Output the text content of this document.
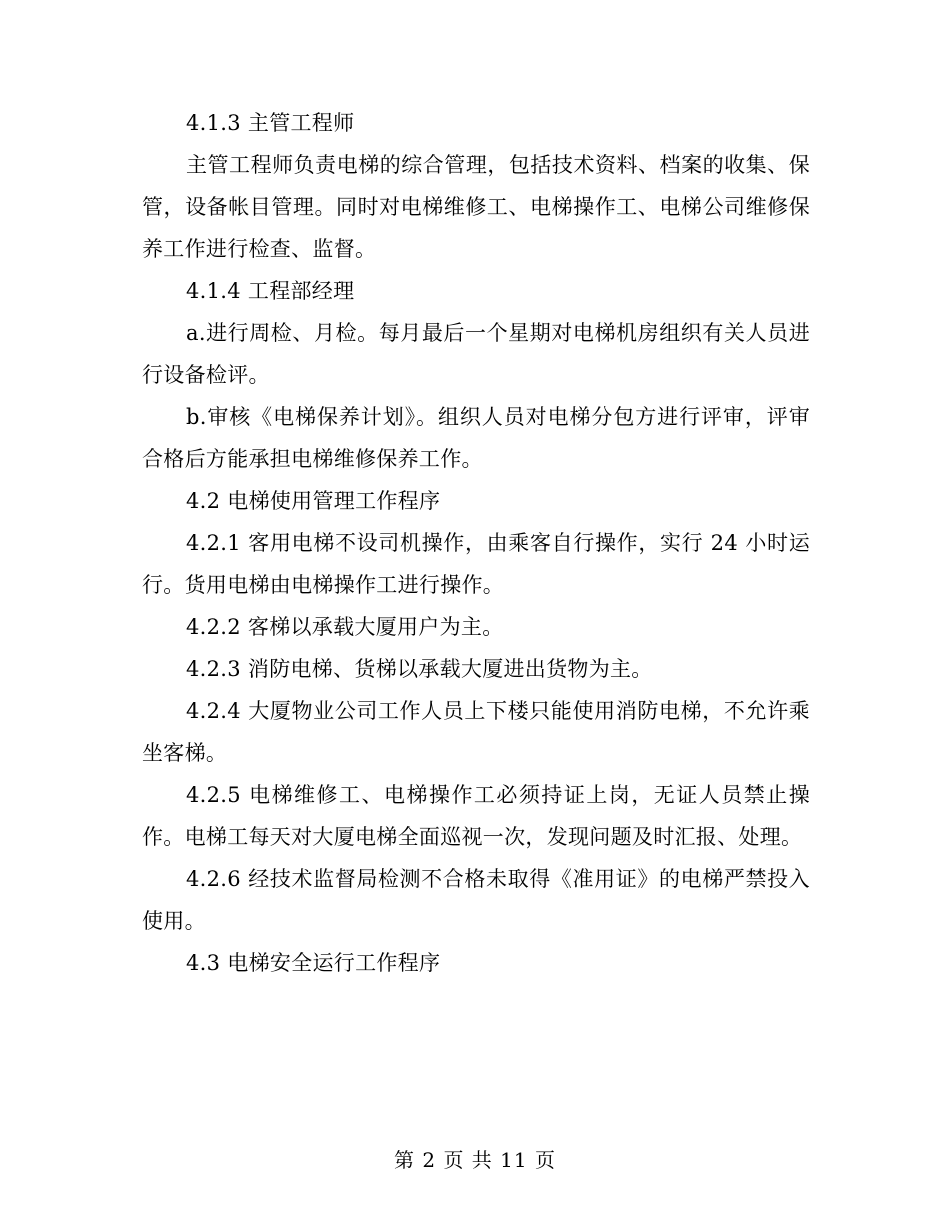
4.1.3 主管工程师

主管工程师负责电梯的综合管理，包括技术资料、档案的收集、保管，设备帐目管理。同时对电梯维修工、电梯操作工、电梯公司维修保养工作进行检查、监督。

4.1.4 工程部经理

a.进行周检、月检。每月最后一个星期对电梯机房组织有关人员进行设备检评。

b.审核《电梯保养计划》。组织人员对电梯分包方进行评审，评审合格后方能承担电梯维修保养工作。

4.2 电梯使用管理工作程序

4.2.1 客用电梯不设司机操作，由乘客自行操作，实行 24 小时运行。货用电梯由电梯操作工进行操作。

4.2.2 客梯以承载大厦用户为主。

4.2.3 消防电梯、货梯以承载大厦进出货物为主。

4.2.4 大厦物业公司工作人员上下楼只能使用消防电梯，不允许乘坐客梯。

4.2.5 电梯维修工、电梯操作工必须持证上岗，无证人员禁止操作。电梯工每天对大厦电梯全面巡视一次，发现问题及时汇报、处理。

4.2.6 经技术监督局检测不合格未取得《准用证》的电梯严禁投入使用。

4.3 电梯安全运行工作程序

第 2 页 共 11 页
